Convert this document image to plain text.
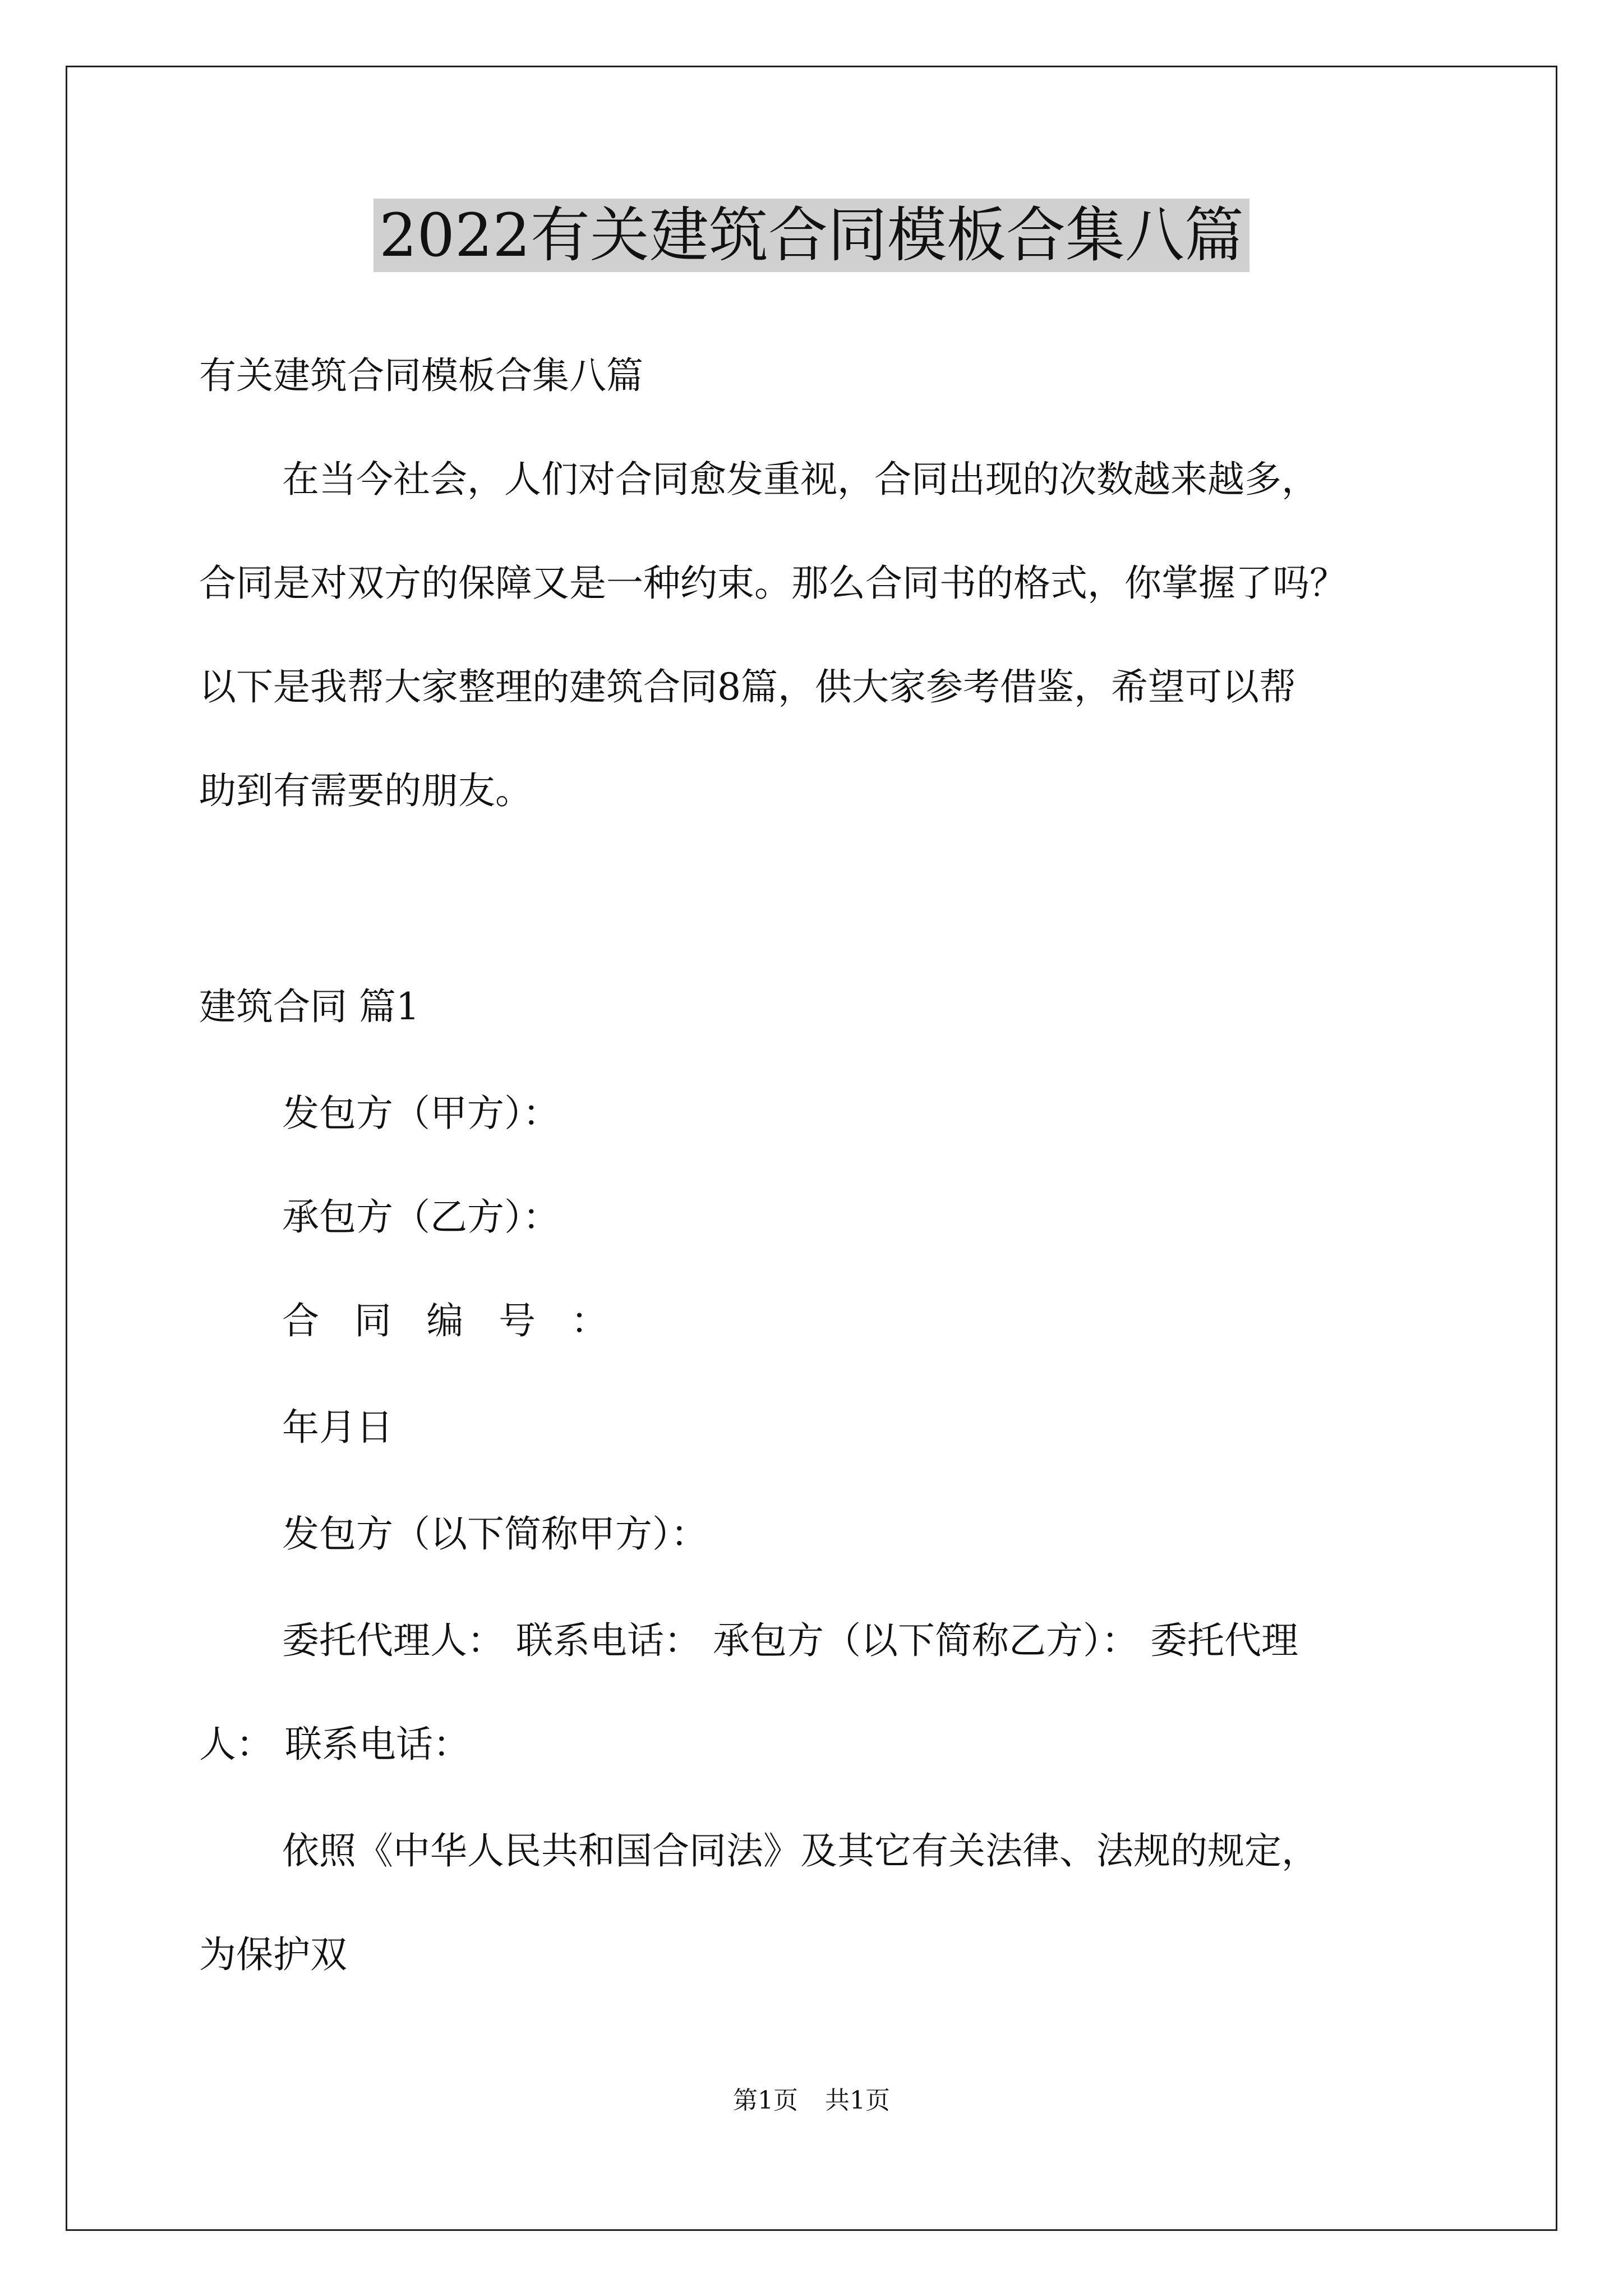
2022有关建筑合同模板合集八篇
有关建筑合同模板合集八篇
在当今社会，人们对合同愈发重视，合同出现的次数越来越多，
合同是对双方的保障又是一种约束。那么合同书的格式，你掌握了吗？
以下是我帮大家整理的建筑合同8篇，供大家参考借鉴，希望可以帮
助到有需要的朋友。
建筑合同 篇1
发包方（甲方）：
承包方（乙方）：
合同编号：
年月日
发包方（以下简称甲方）：
委托代理人： 联系电话： 承包方（以下简称乙方）： 委托代理
人： 联系电话：
依照《中华人民共和国合同法》及其它有关法律、法规的规定，
为保护双
第1页 共1页
